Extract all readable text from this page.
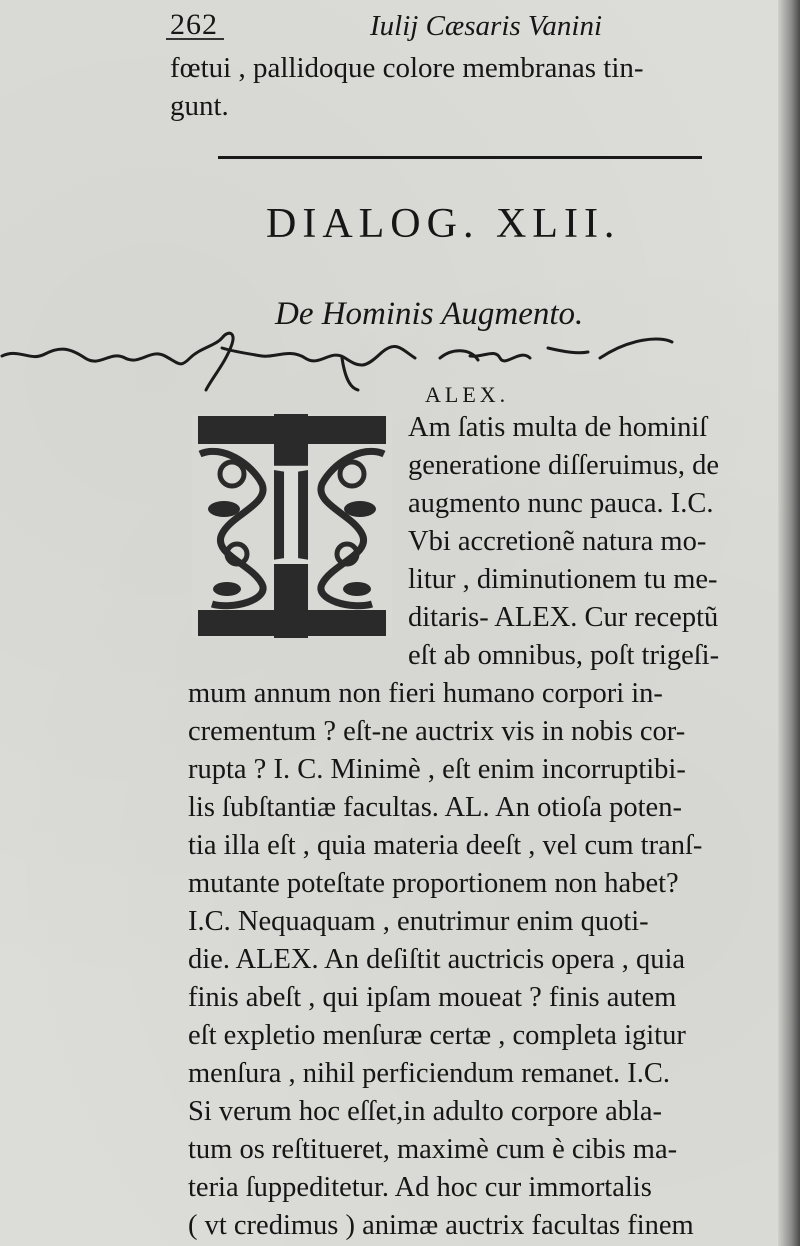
262	Iulij Cæsaris Vanini
fœtui , pallidoque colore membranas tin-
gunt.
DIALOG. XLII.
De Hominis Augmento.
ALEX.
I
Am ſatis multa de hominiſ
generatione diſſeruimus, de
augmento nunc pauca. I.C.
Vbi accretionẽ natura mo-
litur , diminutionem tu me-
ditaris- ALEX. Cur receptũ
eſt ab omnibus, poſt trigeſi-
mum annum non fieri humano corpori in-
crementum ? eſt-ne auctrix vis in nobis cor-
rupta ? I. C. Minimè , eſt enim incorruptibi-
lis ſubſtantiæ facultas. AL. An otioſa poten-
tia illa eſt , quia materia deeſt , vel cum tranſ-
mutante poteſtate proportionem non habet?
I.C. Nequaquam , enutrimur enim quoti-
die. ALEX. An deſiſtit auctricis opera , quia
finis abeſt , qui ipſam moueat ? finis autem
eſt expletio menſuræ certæ , completa igitur
menſura , nihil perficiendum remanet. I.C.
Si verum hoc eſſet,in adulto corpore abla-
tum os reſtitueret, maximè cum è cibis ma-
teria ſuppeditetur. Ad hoc cur immortalis
( vt credimus ) animæ auctrix facultas finem
